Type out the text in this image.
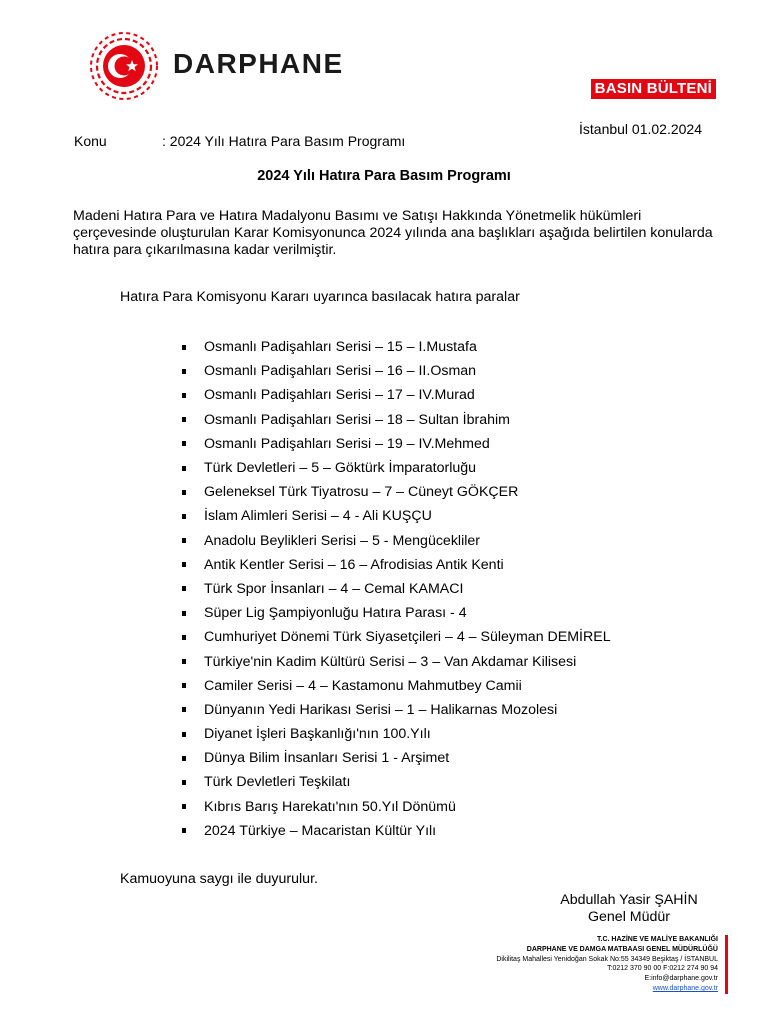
DARPHANE
BASIN BÜLTENİ
İstanbul 01.02.2024
Konu	: 2024 Yılı Hatıra Para Basım Programı
2024 Yılı Hatıra Para Basım Programı
Madeni Hatıra Para ve Hatıra Madalyonu Basımı ve Satışı Hakkında Yönetmelik hükümleri çerçevesinde oluşturulan Karar Komisyonunca 2024 yılında ana başlıkları aşağıda belirtilen konularda hatıra para çıkarılmasına kadar verilmiştir.
Hatıra Para Komisyonu Kararı uyarınca basılacak hatıra paralar
Osmanlı Padişahları Serisi – 15 – I.Mustafa
Osmanlı Padişahları Serisi – 16 – II.Osman
Osmanlı Padişahları Serisi – 17 – IV.Murad
Osmanlı Padişahları Serisi – 18 – Sultan İbrahim
Osmanlı Padişahları Serisi – 19 – IV.Mehmed
Türk Devletleri – 5 – Göktürk İmparatorluğu
Geleneksel Türk Tiyatrosu – 7 – Cüneyt GÖKÇER
İslam Alimleri Serisi – 4 - Ali KUŞÇU
Anadolu Beylikleri Serisi – 5 - Mengücekliler
Antik Kentler Serisi – 16 – Afrodisias Antik Kenti
Türk Spor İnsanları – 4 – Cemal KAMACI
Süper Lig Şampiyonluğu Hatıra Parası - 4
Cumhuriyet Dönemi Türk Siyasetçileri – 4 – Süleyman DEMİREL
Türkiye'nin Kadim Kültürü Serisi – 3 – Van Akdamar Kilisesi
Camiler Serisi – 4 – Kastamonu Mahmutbey Camii
Dünyanın Yedi Harikası Serisi – 1 – Halikarnas Mozolesi
Diyanet İşleri Başkanlığı'nın 100.Yılı
Dünya Bilim İnsanları Serisi 1 - Arşimet
Türk Devletleri Teşkilatı
Kıbrıs Barış Harekatı'nın 50.Yıl Dönümü
2024 Türkiye – Macaristan Kültür Yılı
Kamuoyuna saygı ile duyurulur.
Abdullah Yasir ŞAHİN
Genel Müdür
T.C. HAZİNE VE MALİYE BAKANLIĞI
DARPHANE VE DAMGA MATBAASI GENEL MÜDÜRLÜĞÜ
Dikilitaş Mahallesi Yenidoğan Sokak No:55 34349 Beşiktaş / İSTANBUL
T:0212 370 90 00 F:0212 274 90 94
E:info@darphane.gov.tr
www.darphane.gov.tr
